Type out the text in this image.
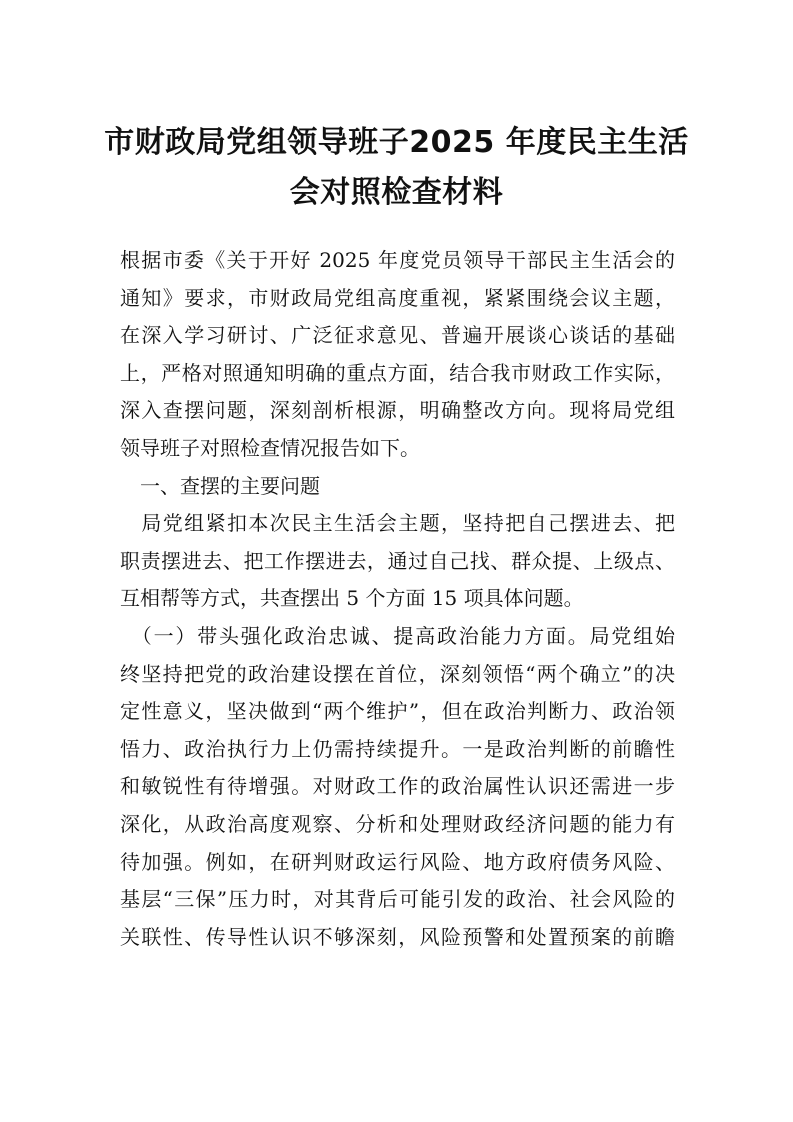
市财政局党组领导班子2025 年度民主生活
会对照检查材料
根据市委《关于开好 2025 年度党员领导干部民主生活会的
通知》要求，市财政局党组高度重视，紧紧围绕会议主题，
在深入学习研讨、广泛征求意见、普遍开展谈心谈话的基础
上，严格对照通知明确的重点方面，结合我市财政工作实际，
深入查摆问题，深刻剖析根源，明确整改方向。现将局党组
领导班子对照检查情况报告如下。
　一、查摆的主要问题
　局党组紧扣本次民主生活会主题，坚持把自己摆进去、把
职责摆进去、把工作摆进去，通过自己找、群众提、上级点、
互相帮等方式，共查摆出 5 个方面 15 项具体问题。
　（一）带头强化政治忠诚、提高政治能力方面。局党组始
终坚持把党的政治建设摆在首位，深刻领悟“两个确立”的决
定性意义，坚决做到“两个维护”，但在政治判断力、政治领
悟力、政治执行力上仍需持续提升。一是政治判断的前瞻性
和敏锐性有待增强。对财政工作的政治属性认识还需进一步
深化，从政治高度观察、分析和处理财政经济问题的能力有
待加强。例如，在研判财政运行风险、地方政府债务风险、
基层“三保”压力时，对其背后可能引发的政治、社会风险的
关联性、传导性认识不够深刻，风险预警和处置预案的前瞻
